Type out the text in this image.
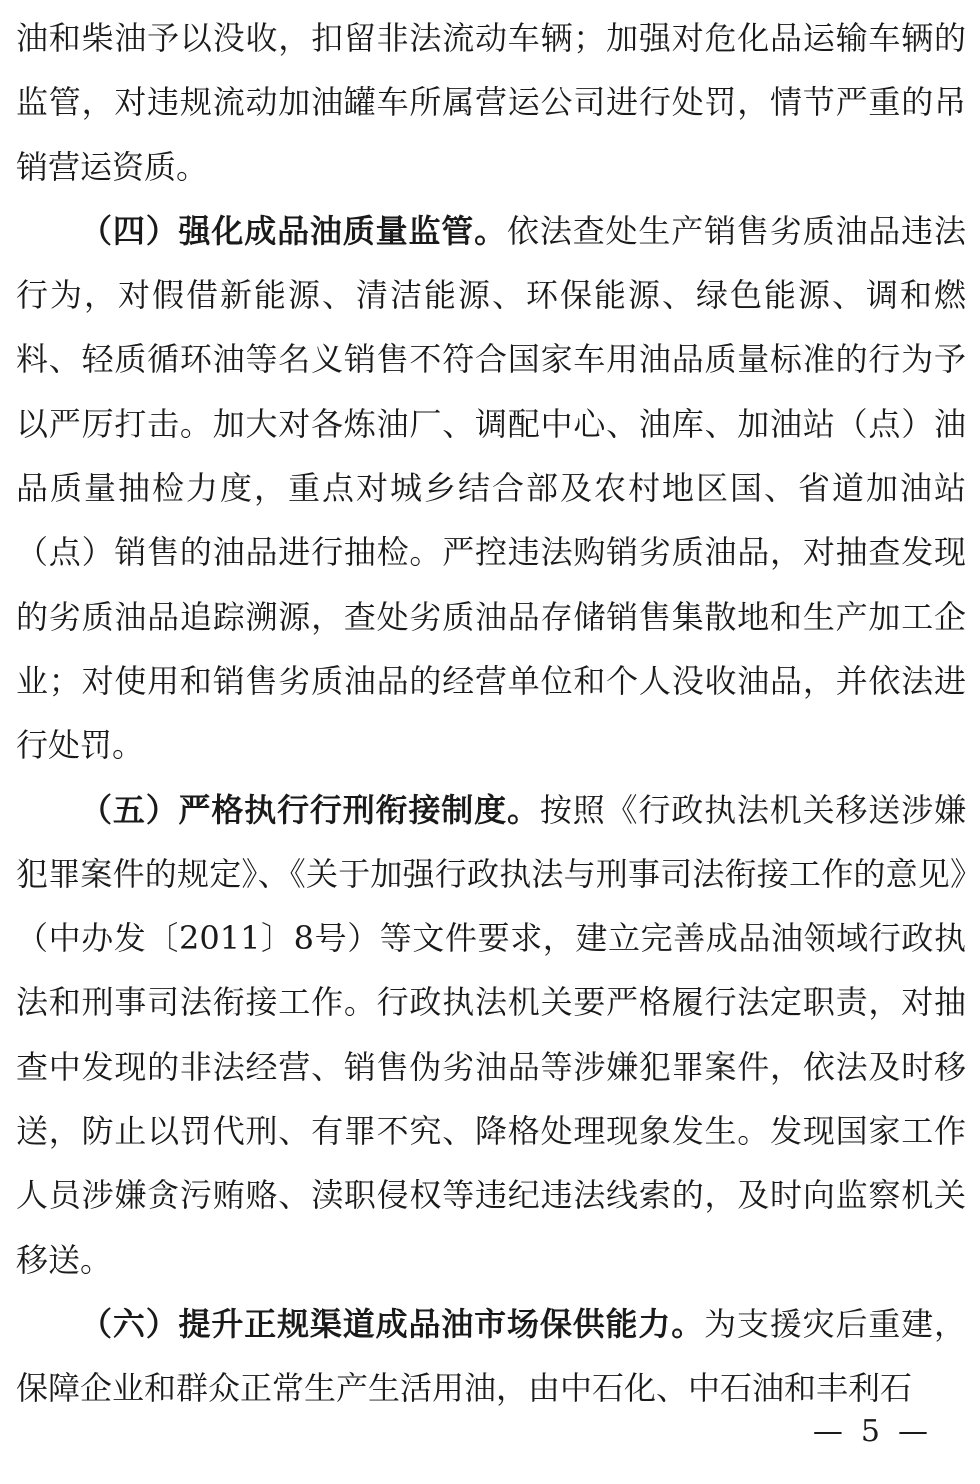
油和柴油予以没收，扣留非法流动车辆；加强对危化品运输车辆的监管，对违规流动加油罐车所属营运公司进行处罚，情节严重的吊销营运资质。

（四）强化成品油质量监管。依法查处生产销售劣质油品违法行为，对假借新能源、清洁能源、环保能源、绿色能源、调和燃料、轻质循环油等名义销售不符合国家车用油品质量标准的行为予以严厉打击。加大对各炼油厂、调配中心、油库、加油站（点）油品质量抽检力度，重点对城乡结合部及农村地区国、省道加油站（点）销售的油品进行抽检。严控违法购销劣质油品，对抽查发现的劣质油品追踪溯源，查处劣质油品存储销售集散地和生产加工企业；对使用和销售劣质油品的经营单位和个人没收油品，并依法进行处罚。

（五）严格执行行刑衔接制度。按照《行政执法机关移送涉嫌犯罪案件的规定》、《关于加强行政执法与刑事司法衔接工作的意见》（中办发〔2011〕8号）等文件要求，建立完善成品油领域行政执法和刑事司法衔接工作。行政执法机关要严格履行法定职责，对抽查中发现的非法经营、销售伪劣油品等涉嫌犯罪案件，依法及时移送，防止以罚代刑、有罪不究、降格处理现象发生。发现国家工作人员涉嫌贪污贿赂、渎职侵权等违纪违法线索的，及时向监察机关移送。

（六）提升正规渠道成品油市场保供能力。为支援灾后重建，保障企业和群众正常生产生活用油，由中石化、中石油和丰利石

— 5 —
